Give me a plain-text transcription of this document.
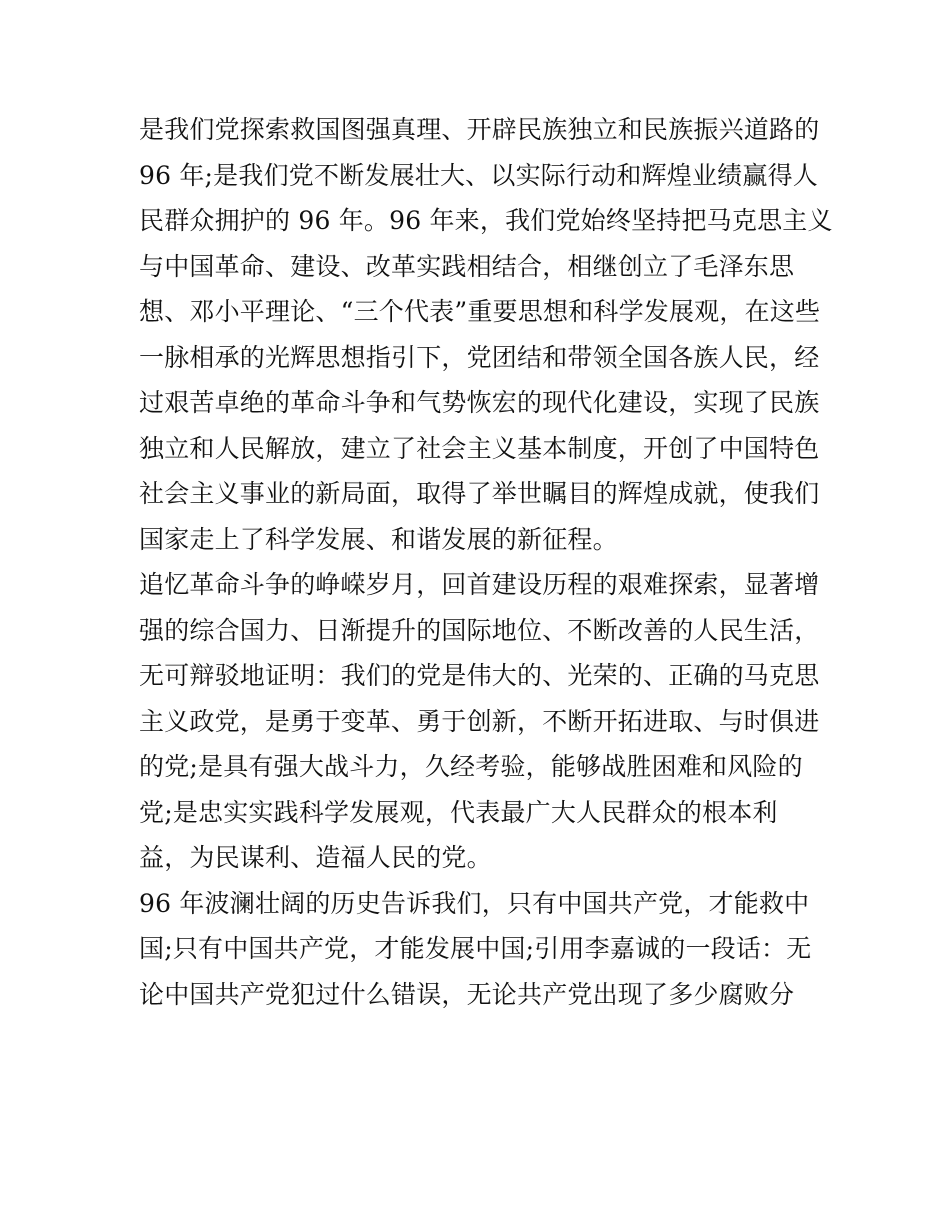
是我们党探索救国图强真理、开辟民族独立和民族振兴道路的
96 年;是我们党不断发展壮大、以实际行动和辉煌业绩赢得人
民群众拥护的 96 年。96 年来，我们党始终坚持把马克思主义
与中国革命、建设、改革实践相结合，相继创立了毛泽东思
想、邓小平理论、“三个代表”重要思想和科学发展观，在这些
一脉相承的光辉思想指引下，党团结和带领全国各族人民，经
过艰苦卓绝的革命斗争和气势恢宏的现代化建设，实现了民族
独立和人民解放，建立了社会主义基本制度，开创了中国特色
社会主义事业的新局面，取得了举世瞩目的辉煌成就，使我们
国家走上了科学发展、和谐发展的新征程。
追忆革命斗争的峥嵘岁月，回首建设历程的艰难探索，显著增
强的综合国力、日渐提升的国际地位、不断改善的人民生活，
无可辩驳地证明：我们的党是伟大的、光荣的、正确的马克思
主义政党，是勇于变革、勇于创新，不断开拓进取、与时俱进
的党;是具有强大战斗力，久经考验，能够战胜困难和风险的
党;是忠实实践科学发展观，代表最广大人民群众的根本利
益，为民谋利、造福人民的党。
96 年波澜壮阔的历史告诉我们，只有中国共产党，才能救中
国;只有中国共产党，才能发展中国;引用李嘉诚的一段话：无
论中国共产党犯过什么错误，无论共产党出现了多少腐败分
